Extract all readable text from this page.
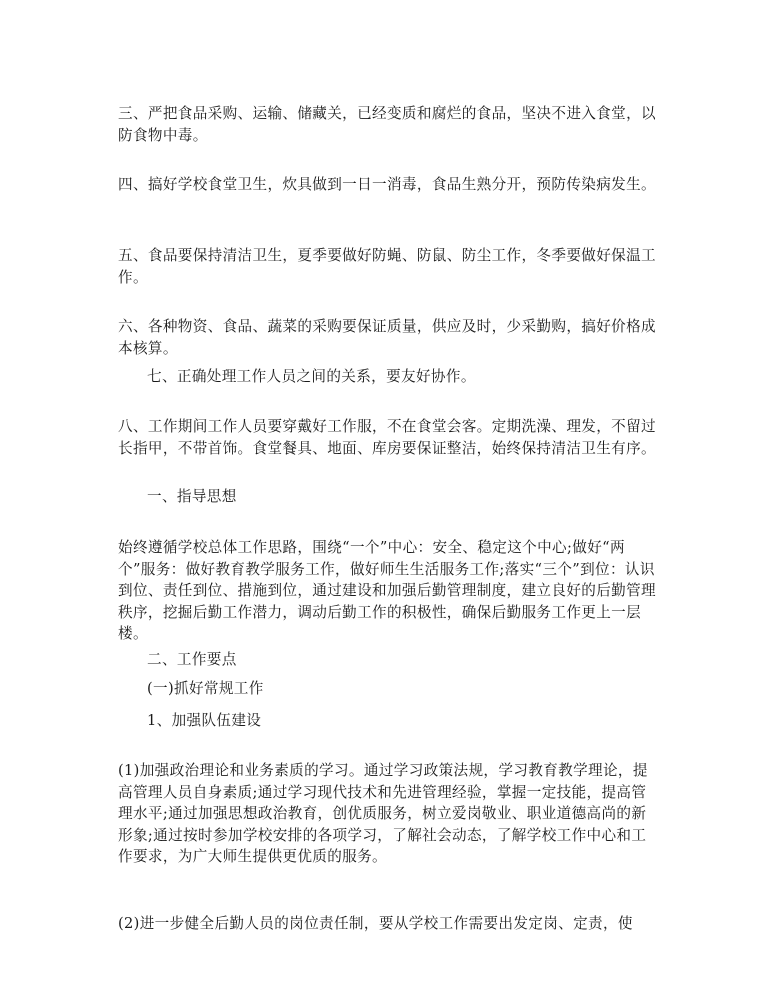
三、严把食品采购、运输、储藏关，已经变质和腐烂的食品，坚决不进入食堂，以防食物中毒。

四、搞好学校食堂卫生，炊具做到一日一消毒，食品生熟分开，预防传染病发生。

五、食品要保持清洁卫生，夏季要做好防蝇、防鼠、防尘工作，冬季要做好保温工作。

六、各种物资、食品、蔬菜的采购要保证质量，供应及时，少采勤购，搞好价格成本核算。

七、正确处理工作人员之间的关系，要友好协作。

八、工作期间工作人员要穿戴好工作服，不在食堂会客。定期洗澡、理发，不留过长指甲，不带首饰。食堂餐具、地面、库房要保证整洁，始终保持清洁卫生有序。

一、指导思想

始终遵循学校总体工作思路，围绕“一个”中心：安全、稳定这个中心;做好“两个”服务：做好教育教学服务工作，做好师生生活服务工作;落实“三个”到位：认识到位、责任到位、措施到位，通过建设和加强后勤管理制度，建立良好的后勤管理秩序，挖掘后勤工作潜力，调动后勤工作的积极性，确保后勤服务工作更上一层楼。

二、工作要点

(一)抓好常规工作

1、加强队伍建设

(1)加强政治理论和业务素质的学习。通过学习政策法规，学习教育教学理论，提高管理人员自身素质;通过学习现代技术和先进管理经验，掌握一定技能，提高管理水平;通过加强思想政治教育，创优质服务，树立爱岗敬业、职业道德高尚的新形象;通过按时参加学校安排的各项学习，了解社会动态，了解学校工作中心和工作要求，为广大师生提供更优质的服务。

(2)进一步健全后勤人员的岗位责任制，要从学校工作需要出发定岗、定责，使
